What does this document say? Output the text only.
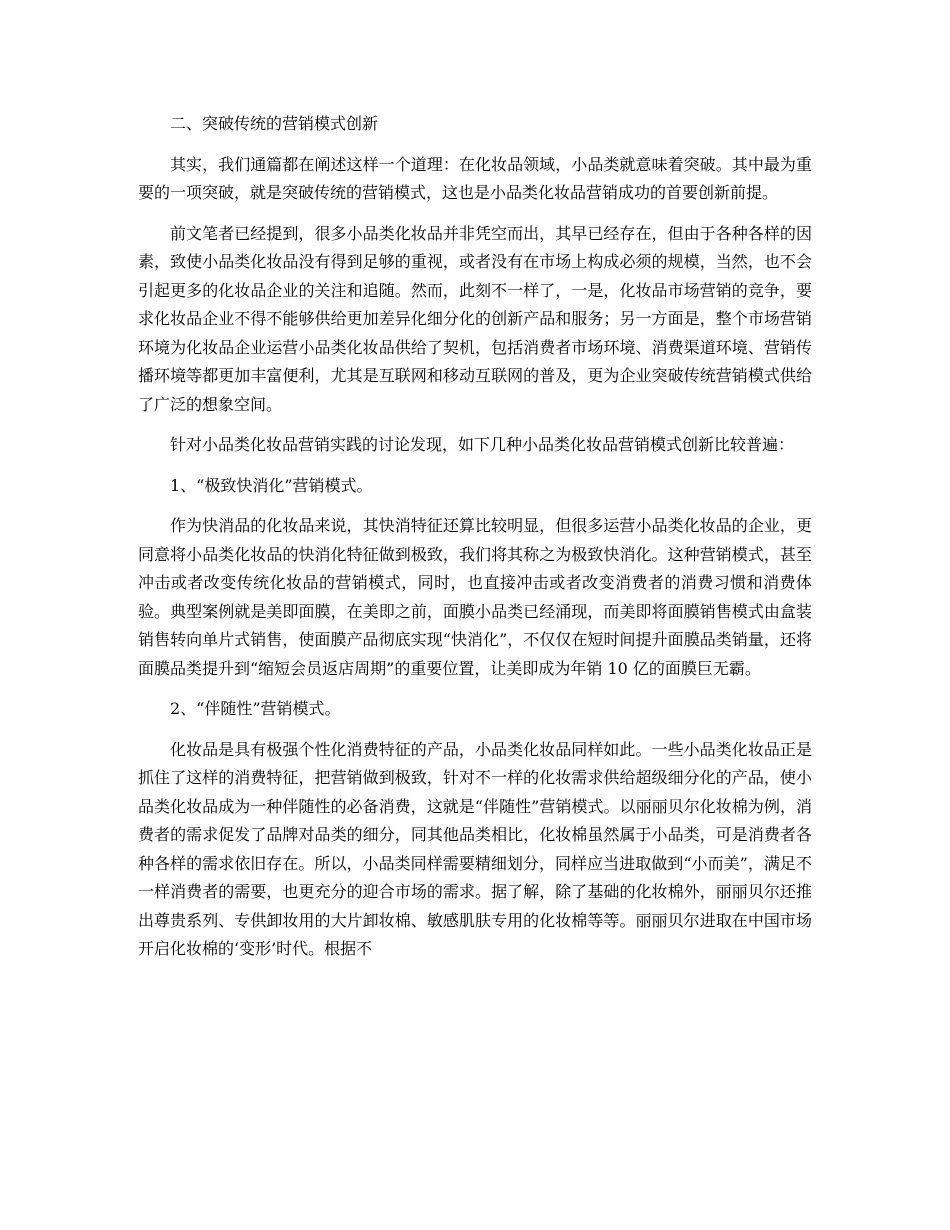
二、突破传统的营销模式创新

其实，我们通篇都在阐述这样一个道理：在化妆品领域，小品类就意味着突破。其中最为重要的一项突破，就是突破传统的营销模式，这也是小品类化妆品营销成功的首要创新前提。

前文笔者已经提到，很多小品类化妆品并非凭空而出，其早已经存在，但由于各种各样的因素，致使小品类化妆品没有得到足够的重视，或者没有在市场上构成必须的规模，当然，也不会引起更多的化妆品企业的关注和追随。然而，此刻不一样了，一是，化妆品市场营销的竞争，要求化妆品企业不得不能够供给更加差异化细分化的创新产品和服务；另一方面是，整个市场营销环境为化妆品企业运营小品类化妆品供给了契机，包括消费者市场环境、消费渠道环境、营销传播环境等都更加丰富便利，尤其是互联网和移动互联网的普及，更为企业突破传统营销模式供给了广泛的想象空间。

针对小品类化妆品营销实践的讨论发现，如下几种小品类化妆品营销模式创新比较普遍：

1、“极致快消化”营销模式。

作为快消品的化妆品来说，其快消特征还算比较明显，但很多运营小品类化妆品的企业，更同意将小品类化妆品的快消化特征做到极致，我们将其称之为极致快消化。这种营销模式，甚至冲击或者改变传统化妆品的营销模式，同时，也直接冲击或者改变消费者的消费习惯和消费体验。典型案例就是美即面膜，在美即之前，面膜小品类已经涌现，而美即将面膜销售模式由盒装销售转向单片式销售，使面膜产品彻底实现“快消化”，不仅仅在短时间提升面膜品类销量，还将面膜品类提升到“缩短会员返店周期”的重要位置，让美即成为年销 10 亿的面膜巨无霸。

2、“伴随性”营销模式。

化妆品是具有极强个性化消费特征的产品，小品类化妆品同样如此。一些小品类化妆品正是抓住了这样的消费特征，把营销做到极致，针对不一样的化妆需求供给超级细分化的产品，使小品类化妆品成为一种伴随性的必备消费，这就是“伴随性”营销模式。以丽丽贝尔化妆棉为例，消费者的需求促发了品牌对品类的细分，同其他品类相比，化妆棉虽然属于小品类，可是消费者各种各样的需求依旧存在。所以，小品类同样需要精细划分，同样应当进取做到“小而美”，满足不一样消费者的需要，也更充分的迎合市场的需求。据了解，除了基础的化妆棉外，丽丽贝尔还推出尊贵系列、专供卸妆用的大片卸妆棉、敏感肌肤专用的化妆棉等等。丽丽贝尔进取在中国市场开启化妆棉的‘变形’时代。根据不
